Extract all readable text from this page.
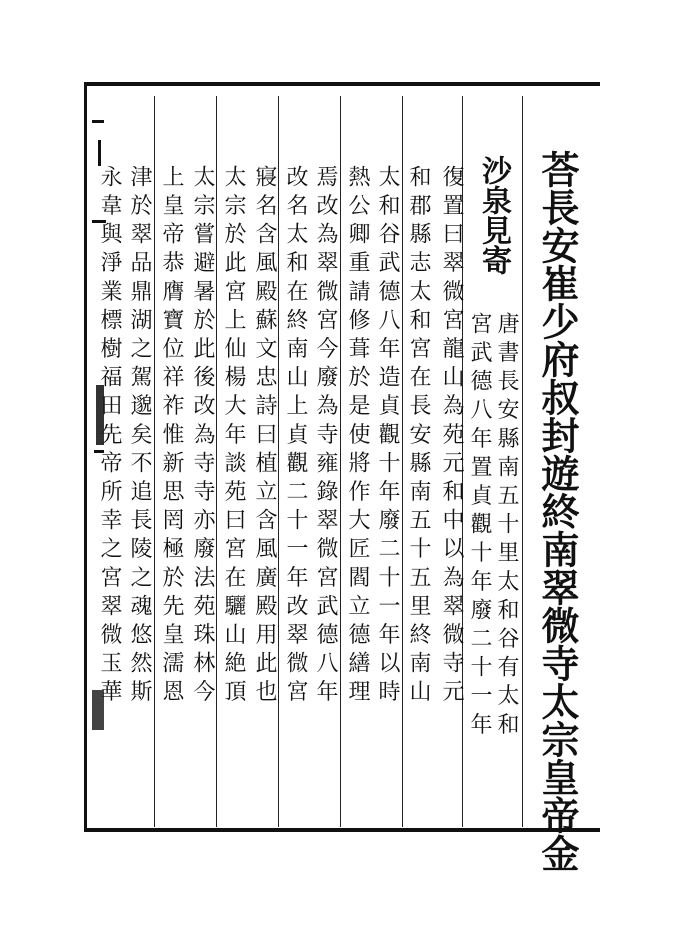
荅長安崔少府叔封遊終南翠微寺太宗皇帝金
沙泉見寄
唐書長安縣南五十里太和谷有太和
宮武德八年置貞觀十年廢二十一年
復置曰翠微宮龍山為苑元和中以為翠微寺元
和郡縣志太和宮在長安縣南五十五里終南山
太和谷武德八年造貞觀十年廢二十一年以時
熱公卿重請修葺於是使將作大匠閻立德繕理
焉改為翠微宮今廢為寺雍錄翠微宮武德八年
改名太和在終南山上貞觀二十一年改翠微宮
寢名含風殿蘇文忠詩曰植立含風廣殿用此也
太宗於此宮上仙楊大年談苑曰宮在驪山絶頂
太宗嘗避暑於此後改為寺寺亦廢法苑珠林今
上皇帝恭膺寶位祥祚惟新思罔極於先皇濡恩
津於翠品鼎湖之駕邈矣不追長陵之魂悠然斯
永韋與淨業標樹福田先帝所幸之宮翠微玉華
